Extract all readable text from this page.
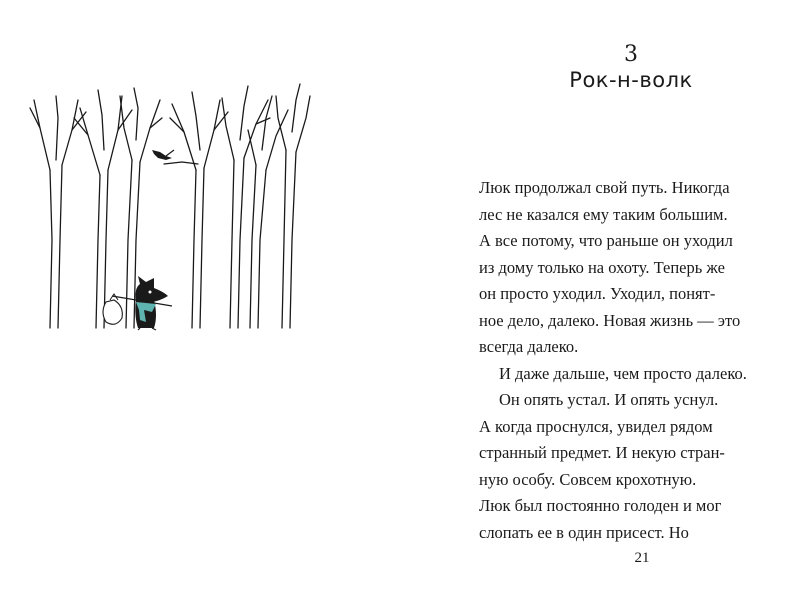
3
Рок-н-волк
Люк продолжал свой путь. Никогда
лес не казался ему таким большим.
А все потому, что раньше он уходил
из дому только на охоту. Теперь же
он просто уходил. Уходил, понят-
ное дело, далеко. Новая жизнь — это
всегда далеко.
И даже дальше, чем просто далеко.
Он опять устал. И опять уснул.
А когда проснулся, увидел рядом
странный предмет. И некую стран-
ную особу. Совсем крохотную.
Люк был постоянно голоден и мог
слопать ее в один присест. Но
21
